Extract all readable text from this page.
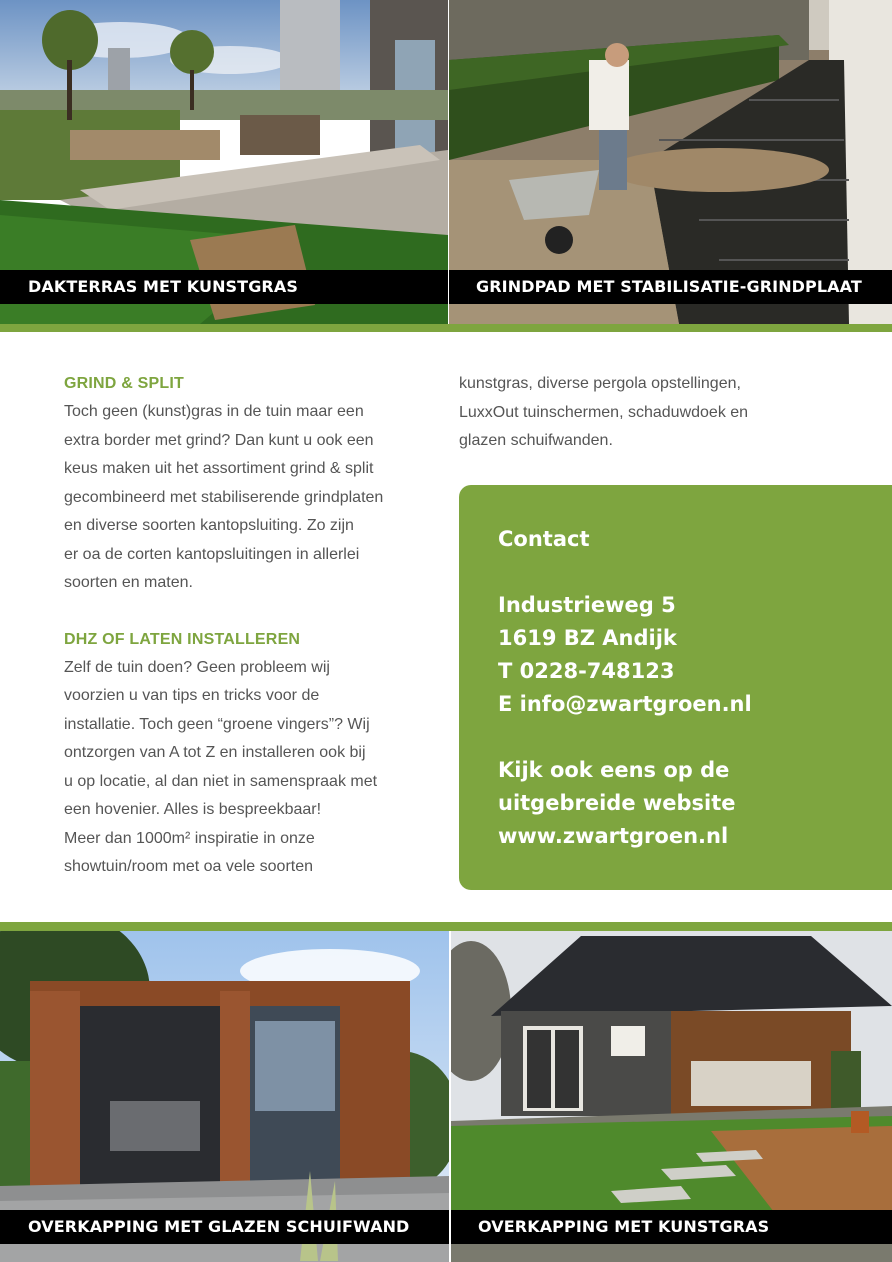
DAKTERRAS MET KUNSTGRAS	GRINDPAD MET STABILISATIE-GRINDPLAAT
GRIND & SPLIT

Toch geen (kunst)gras in de tuin maar een

extra border met grind? Dan kunt u ook een

keus maken uit het assortiment grind & split

gecombineerd met stabiliserende grindplaten

en diverse soorten kantopsluiting. Zo zijn

er oa de corten kantopsluitingen in allerlei

soorten en maten.

DHZ OF LATEN INSTALLEREN

Zelf de tuin doen? Geen probleem wij

voorzien u van tips en tricks voor de

installatie. Toch geen “groene vingers”? Wij

ontzorgen van A tot Z en installeren ook bij

u op locatie, al dan niet in samenspraak met

een hovenier. Alles is bespreekbaar!

Meer dan 1000m² inspiratie in onze

showtuin/room met oa vele soorten

kunstgras, diverse pergola opstellingen,

LuxxOut tuinschermen, schaduwdoek en

glazen schuifwanden.

Contact
Industrieweg 5
1619 BZ Andijk
T 0228-748123
E info@zwartgroen.nl
Kijk ook eens op de
uitgebreide website
www.zwartgroen.nl
OVERKAPPING MET GLAZEN SCHUIFWAND	OVERKAPPING MET KUNSTGRAS
